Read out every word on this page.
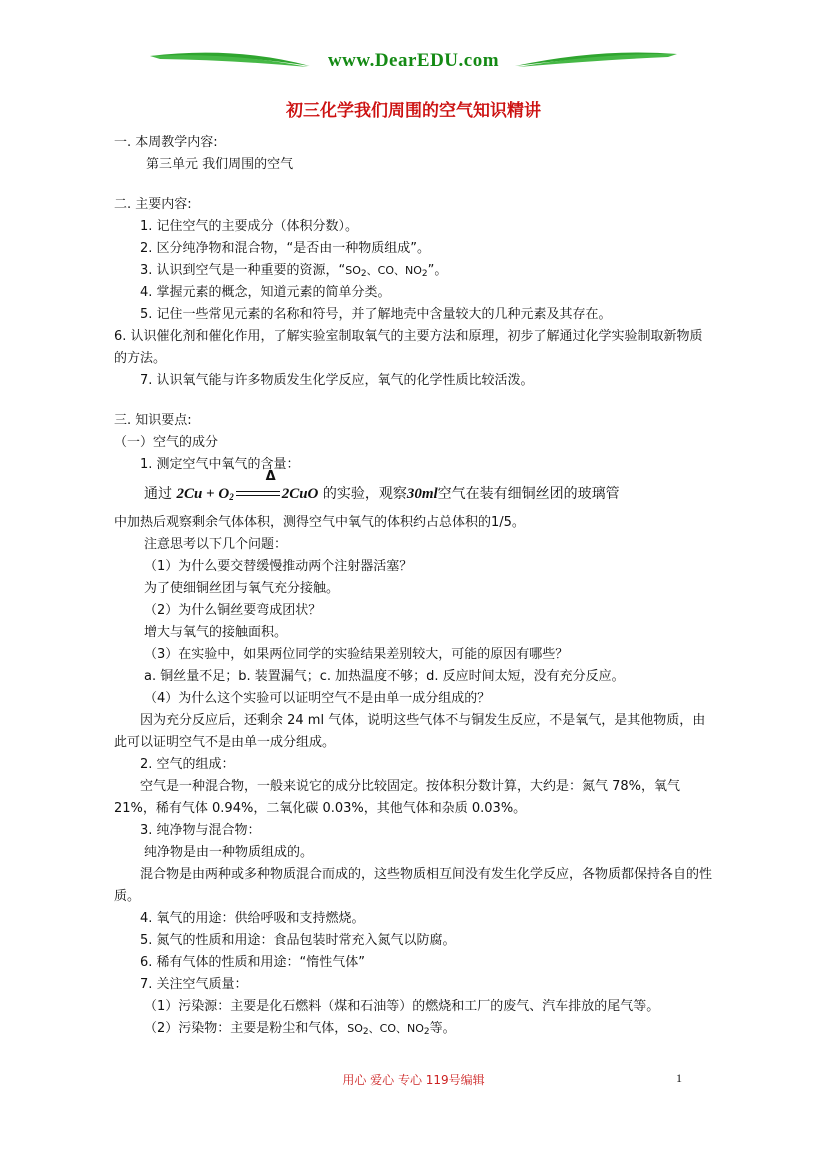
www.DearEDU.com
初三化学我们周围的空气知识精讲

一. 本周教学内容:

第三单元 我们周围的空气

二. 主要内容:

1. 记住空气的主要成分（体积分数）。

2. 区分纯净物和混合物，“是否由一种物质组成”。

3. 认识到空气是一种重要的资源，“$SO_2$、CO、$NO_2$”。

4. 掌握元素的概念，知道元素的简单分类。

5. 记住一些常见元素的名称和符号，并了解地壳中含量较大的几种元素及其存在。

6. 认识催化剂和催化作用，了解实验室制取氧气的主要方法和原理，初步了解通过化学实验制取新物质的方法。

7. 认识氧气能与许多物质发生化学反应，氧气的化学性质比较活泼。

三. 知识要点:

（一）空气的成分

1. 测定空气中氧气的含量：

通过 $2Cu + O_2$
Δ
2CuO 的实验，观察30ml空气在装有细铜丝团的玻璃管

中加热后观察剩余气体体积，测得空气中氧气的体积约占总体积的1/5。

注意思考以下几个问题：

（1）为什么要交替缓慢推动两个注射器活塞？

为了使细铜丝团与氧气充分接触。

（2）为什么铜丝要弯成团状？

增大与氧气的接触面积。

（3）在实验中，如果两位同学的实验结果差别较大，可能的原因有哪些？

a. 铜丝量不足；b. 装置漏气；c. 加热温度不够；d. 反应时间太短，没有充分反应。

（4）为什么这个实验可以证明空气不是由单一成分组成的？

因为充分反应后，还剩余 24 ml 气体，说明这些气体不与铜发生反应，不是氧气，是其他物质，由此可以证明空气不是由单一成分组成。

2. 空气的组成：

空气是一种混合物，一般来说它的成分比较固定。按体积分数计算，大约是：氮气 78%，氧气 21%，稀有气体 0.94%，二氧化碳 0.03%，其他气体和杂质 0.03%。

3. 纯净物与混合物：

纯净物是由一种物质组成的。

混合物是由两种或多种物质混合而成的，这些物质相互间没有发生化学反应，各物质都保持各自的性质。

4. 氧气的用途：供给呼吸和支持燃烧。

5. 氮气的性质和用途：食品包装时常充入氮气以防腐。

6. 稀有气体的性质和用途：“惰性气体”

7. 关注空气质量：

（1）污染源：主要是化石燃料（煤和石油等）的燃烧和工厂的废气、汽车排放的尾气等。

（2）污染物：主要是粉尘和气体，$SO_2$、CO、$NO_2$等。

用心 爱心 专心 119号编辑	1
